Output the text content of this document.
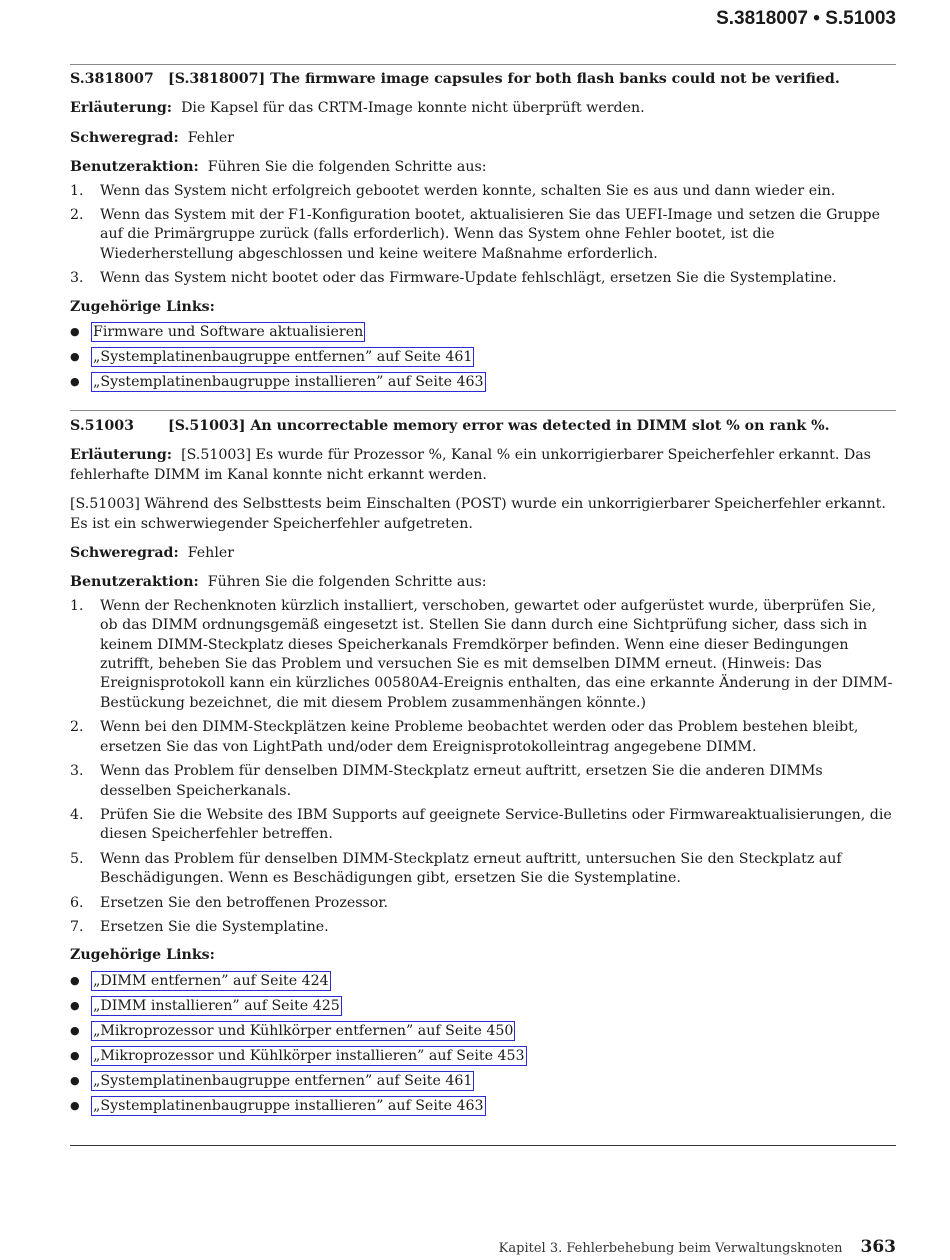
S.3818007 • S.51003

S.3818007	[S.3818007] The firmware image capsules for both flash banks could not be verified.

Erläuterung: Die Kapsel für das CRTM-Image konnte nicht überprüft werden.

Schweregrad: Fehler

Benutzeraktion: Führen Sie die folgenden Schritte aus:

1.	Wenn das System nicht erfolgreich gebootet werden konnte, schalten Sie es aus und dann wieder ein.
2.	Wenn das System mit der F1-Konfiguration bootet, aktualisieren Sie das UEFI-Image und setzen die Gruppe auf die Primärgruppe zurück (falls erforderlich). Wenn das System ohne Fehler bootet, ist die Wiederherstellung abgeschlossen und keine weitere Maßnahme erforderlich.
3.	Wenn das System nicht bootet oder das Firmware-Update fehlschlägt, ersetzen Sie die Systemplatine.

Zugehörige Links:

● Firmware und Software aktualisieren
● „Systemplatinenbaugruppe entfernen” auf Seite 461
● „Systemplatinenbaugruppe installieren” auf Seite 463

S.51003	[S.51003] An uncorrectable memory error was detected in DIMM slot % on rank %.

Erläuterung: [S.51003] Es wurde für Prozessor %, Kanal % ein unkorrigierbarer Speicherfehler erkannt. Das fehlerhafte DIMM im Kanal konnte nicht erkannt werden.

[S.51003] Während des Selbsttests beim Einschalten (POST) wurde ein unkorrigierbarer Speicherfehler erkannt. Es ist ein schwerwiegender Speicherfehler aufgetreten.

Schweregrad: Fehler

Benutzeraktion: Führen Sie die folgenden Schritte aus:

1.	Wenn der Rechenknoten kürzlich installiert, verschoben, gewartet oder aufgerüstet wurde, überprüfen Sie, ob das DIMM ordnungsgemäß eingesetzt ist. Stellen Sie dann durch eine Sichtprüfung sicher, dass sich in keinem DIMM-Steckplatz dieses Speicherkanals Fremdkörper befinden. Wenn eine dieser Bedingungen zutrifft, beheben Sie das Problem und versuchen Sie es mit demselben DIMM erneut. (Hinweis: Das Ereignisprotokoll kann ein kürzliches 00580A4-Ereignis enthalten, das eine erkannte Änderung in der DIMM-Bestückung bezeichnet, die mit diesem Problem zusammenhängen könnte.)
2.	Wenn bei den DIMM-Steckplätzen keine Probleme beobachtet werden oder das Problem bestehen bleibt, ersetzen Sie das von LightPath und/oder dem Ereignisprotokolleintrag angegebene DIMM.
3.	Wenn das Problem für denselben DIMM-Steckplatz erneut auftritt, ersetzen Sie die anderen DIMMs desselben Speicherkanals.
4.	Prüfen Sie die Website des IBM Supports auf geeignete Service-Bulletins oder Firmwareaktualisierungen, die diesen Speicherfehler betreffen.
5.	Wenn das Problem für denselben DIMM-Steckplatz erneut auftritt, untersuchen Sie den Steckplatz auf Beschädigungen. Wenn es Beschädigungen gibt, ersetzen Sie die Systemplatine.
6.	Ersetzen Sie den betroffenen Prozessor.
7.	Ersetzen Sie die Systemplatine.

Zugehörige Links:

● „DIMM entfernen” auf Seite 424
● „DIMM installieren” auf Seite 425
● „Mikroprozessor und Kühlkörper entfernen” auf Seite 450
● „Mikroprozessor und Kühlkörper installieren” auf Seite 453
● „Systemplatinenbaugruppe entfernen” auf Seite 461
● „Systemplatinenbaugruppe installieren” auf Seite 463
Kapitel 3. Fehlerbehebung beim Verwaltungsknoten 363
